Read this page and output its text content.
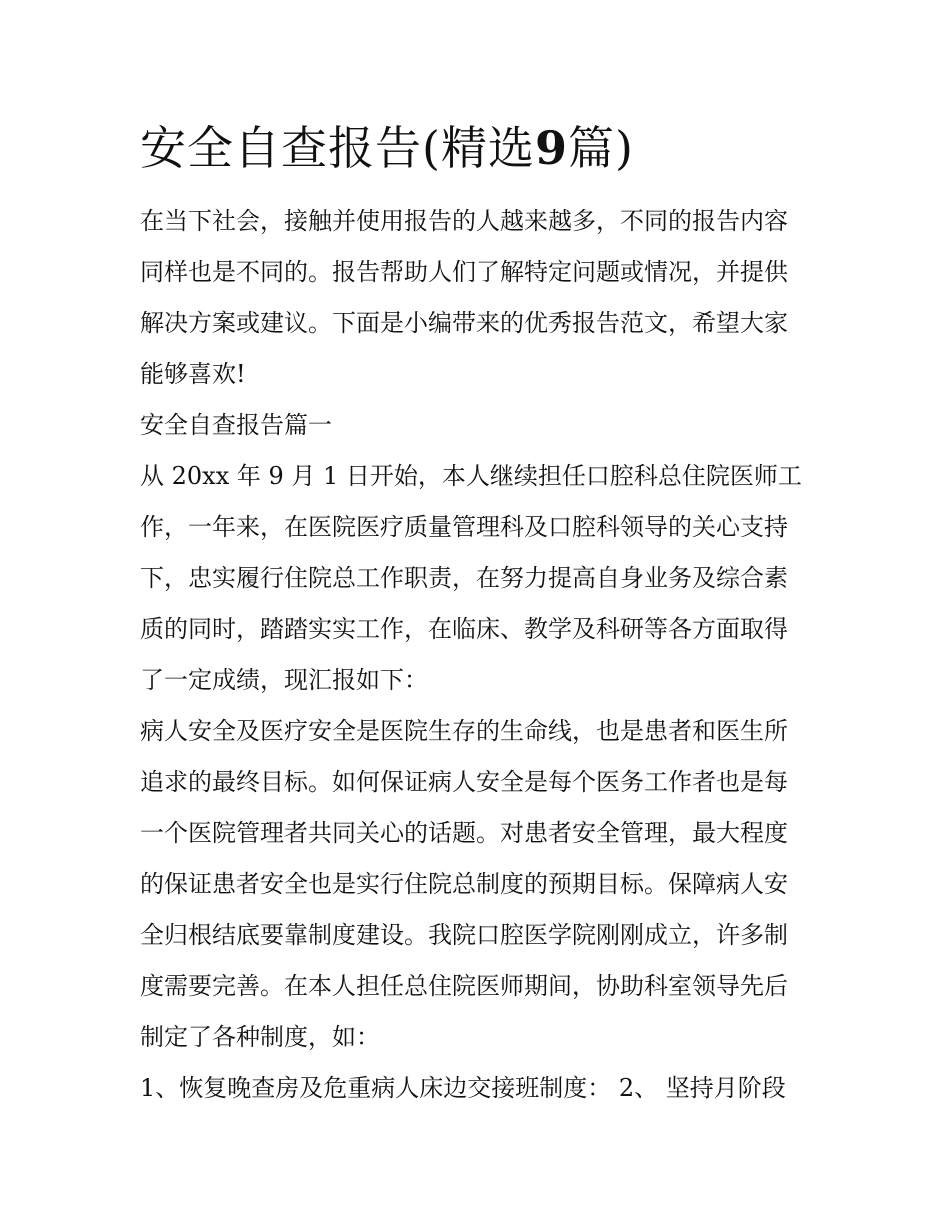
安全自查报告(精选9篇)

在当下社会，接触并使用报告的人越来越多，不同的报告内容

同样也是不同的。报告帮助人们了解特定问题或情况，并提供

解决方案或建议。下面是小编带来的优秀报告范文，希望大家

能够喜欢!

安全自查报告篇一

从 20xx 年 9 月 1 日开始，本人继续担任口腔科总住院医师工

作，一年来，在医院医疗质量管理科及口腔科领导的关心支持

下，忠实履行住院总工作职责，在努力提高自身业务及综合素

质的同时，踏踏实实工作，在临床、教学及科研等各方面取得

了一定成绩，现汇报如下：

病人安全及医疗安全是医院生存的生命线，也是患者和医生所

追求的最终目标。如何保证病人安全是每个医务工作者也是每

一个医院管理者共同关心的话题。对患者安全管理，最大程度

的保证患者安全也是实行住院总制度的预期目标。保障病人安

全归根结底要靠制度建设。我院口腔医学院刚刚成立，许多制

度需要完善。在本人担任总住院医师期间，协助科室领导先后

制定了各种制度，如：

1、恢复晚查房及危重病人床边交接班制度： 2、 坚持月阶段
